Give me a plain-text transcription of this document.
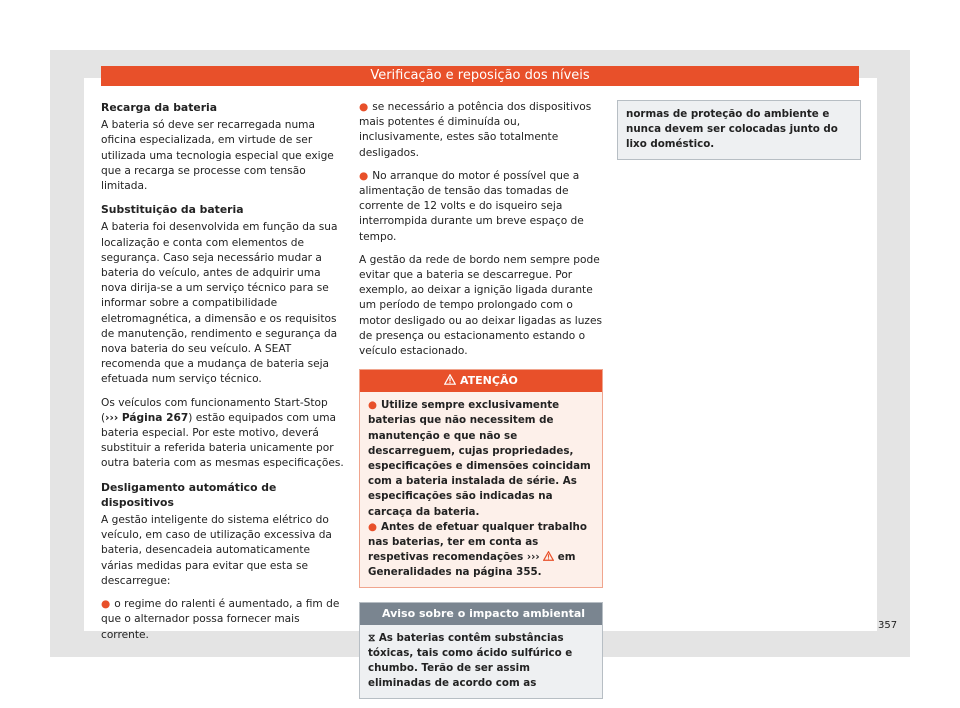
Verificação e reposição dos níveis
Recarga da bateria

A bateria só deve ser recarregada numa oficina especializada, em virtude de ser utilizada uma tecnologia especial que exige que a recarga se processe com tensão limitada.

Substituição da bateria

A bateria foi desenvolvida em função da sua localização e conta com elementos de segurança. Caso seja necessário mudar a bateria do veículo, antes de adquirir uma nova dirija-se a um serviço técnico para se informar sobre a compatibilidade eletromagnética, a dimensão e os requisitos de manutenção, rendimento e segurança da nova bateria do seu veículo. A SEAT recomenda que a mudança de bateria seja efetuada num serviço técnico.

Os veículos com funcionamento Start-Stop (››› Página 267) estão equipados com uma bateria especial. Por este motivo, deverá substituir a referida bateria unicamente por outra bateria com as mesmas especificações.

Desligamento automático de dispositivos

A gestão inteligente do sistema elétrico do veículo, em caso de utilização excessiva da bateria, desencadeia automaticamente várias medidas para evitar que esta se descarregue:

● o regime do ralenti é aumentado, a fim de que o alternador possa fornecer mais corrente.

● se necessário a potência dos dispositivos mais potentes é diminuída ou, inclusivamente, estes são totalmente desligados.

● No arranque do motor é possível que a alimentação de tensão das tomadas de corrente de 12 volts e do isqueiro seja interrompida durante um breve espaço de tempo.

A gestão da rede de bordo nem sempre pode evitar que a bateria se descarregue. Por exemplo, ao deixar a ignição ligada durante um período de tempo prolongado com o motor desligado ou ao deixar ligadas as luzes de presença ou estacionamento estando o veículo estacionado.

ATENÇÃO
● Utilize sempre exclusivamente baterias que não necessitem de manutenção e que não se descarreguem, cujas propriedades, especificações e dimensões coincidam com a bateria instalada de série. As especificações são indicadas na carcaça da bateria.
● Antes de efetuar qualquer trabalho nas baterias, ter em conta as respetivas recomendações ››› em Generalidades na página 355.
Aviso sobre o impacto ambiental
⧖ As baterias contêm substâncias tóxicas, tais como ácido sulfúrico e chumbo. Terão de ser assim eliminadas de acordo com as
normas de proteção do ambiente e nunca devem ser colocadas junto do lixo doméstico.
357
